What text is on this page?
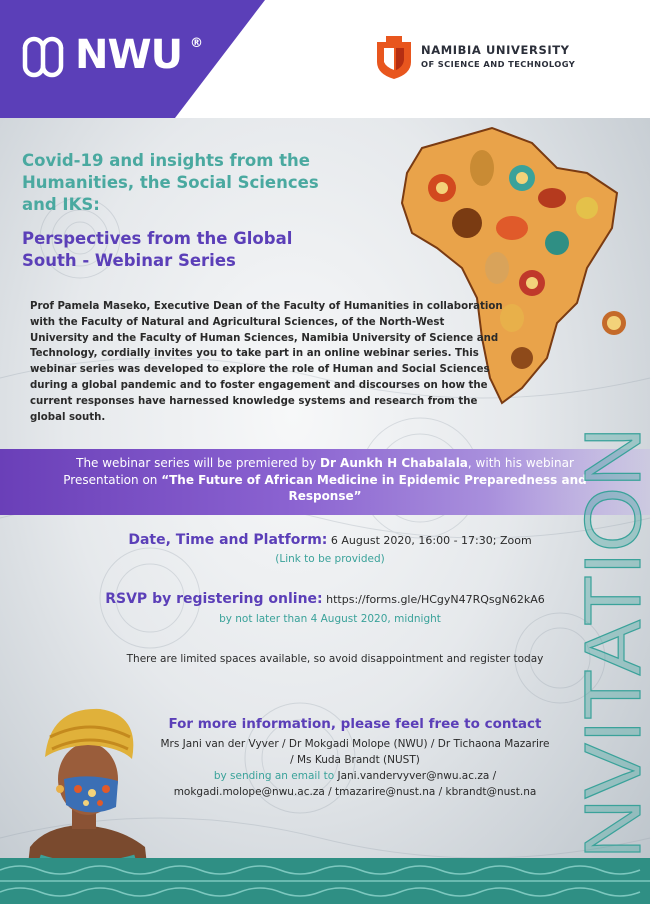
NWU ®	NAMIBIA UNIVERSITY
OF SCIENCE AND TECHNOLOGY
Covid-19 and insights from the
Humanities, the Social Sciences
and IKS:
Perspectives from the Global
South - Webinar Series
Prof Pamela Maseko, Executive Dean of the Faculty of Humanities in collaboration
with the Faculty of Natural and Agricultural Sciences, of the North-West
University and the Faculty of Human Sciences, Namibia University of Science and
Technology, cordially invites you to take part in an online webinar series. This
webinar series was developed to explore the role of Human and Social Sciences
during a global pandemic and to foster engagement and discourses on how the
current responses have harnessed knowledge systems and research from the
global south.
The webinar series will be premiered by Dr Aunkh H Chabalala, with his webinar
Presentation on “The Future of African Medicine in Epidemic Preparedness and
Response”
Date, Time and Platform: 6 August 2020, 16:00 - 17:30; Zoom
(Link to be provided)
RSVP by registering online: https://forms.gle/HCgyN47RQsgN62kA6
by not later than 4 August 2020, midnight
There are limited spaces available, so avoid disappointment and register today
For more information, please feel free to contact
Mrs Jani van der Vyver / Dr Mokgadi Molope (NWU) / Dr Tichaona Mazarire
/ Ms Kuda Brandt (NUST)
by sending an email to Jani.vandervyver@nwu.ac.za /
mokgadi.molope@nwu.ac.za / tmazarire@nust.na / kbrandt@nust.na INVITATION
